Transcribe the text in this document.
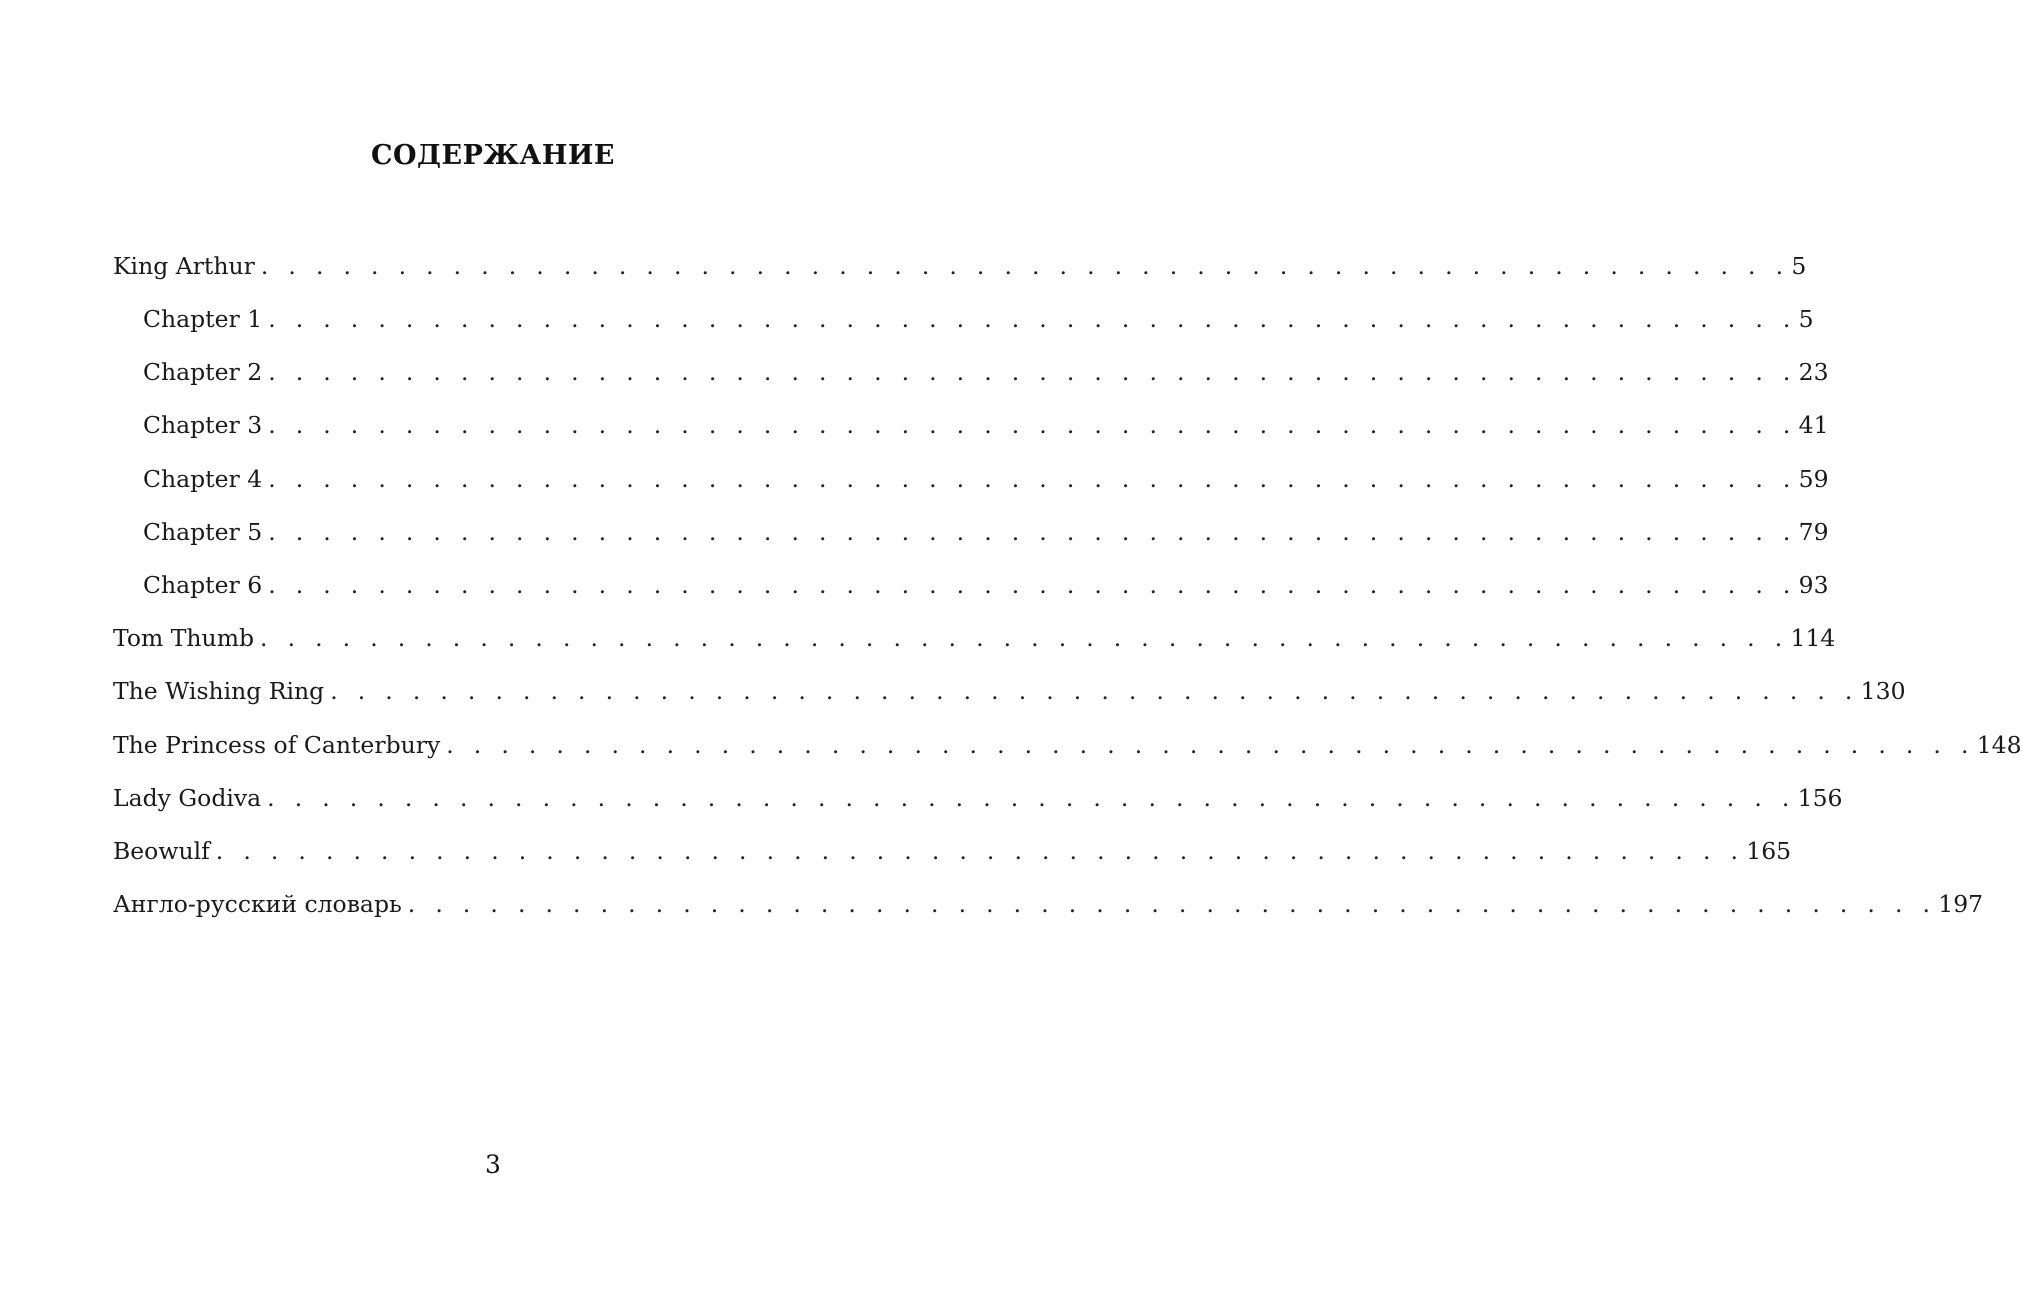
СОДЕРЖАНИЕ
King Arthur . . . . . . . . . . . . . . . . . . . . . . . . . . . . . . . . . . . . . . . . . . . . . . . . . . . . . . . . 5
Chapter 1 . . . . . . . . . . . . . . . . . . . . . . . . . . . . . . . . . . . . . . . . . . . . . . . . . . . . . . . . 5
Chapter 2 . . . . . . . . . . . . . . . . . . . . . . . . . . . . . . . . . . . . . . . . . . . . . . . . . . . . . . . . 23
Chapter 3 . . . . . . . . . . . . . . . . . . . . . . . . . . . . . . . . . . . . . . . . . . . . . . . . . . . . . . . . 41
Chapter 4 . . . . . . . . . . . . . . . . . . . . . . . . . . . . . . . . . . . . . . . . . . . . . . . . . . . . . . . . 59
Chapter 5 . . . . . . . . . . . . . . . . . . . . . . . . . . . . . . . . . . . . . . . . . . . . . . . . . . . . . . . . 79
Chapter 6 . . . . . . . . . . . . . . . . . . . . . . . . . . . . . . . . . . . . . . . . . . . . . . . . . . . . . . . . 93
Tom Thumb . . . . . . . . . . . . . . . . . . . . . . . . . . . . . . . . . . . . . . . . . . . . . . . . . . . . . . . . 114
The Wishing Ring . . . . . . . . . . . . . . . . . . . . . . . . . . . . . . . . . . . . . . . . . . . . . . . . . . . . . . . . 130
The Princess of Canterbury . . . . . . . . . . . . . . . . . . . . . . . . . . . . . . . . . . . . . . . . . . . . . . . . . . . . . . . . 148
Lady Godiva . . . . . . . . . . . . . . . . . . . . . . . . . . . . . . . . . . . . . . . . . . . . . . . . . . . . . . . . 156
Beowulf . . . . . . . . . . . . . . . . . . . . . . . . . . . . . . . . . . . . . . . . . . . . . . . . . . . . . . . . 165
Англо-русский словарь . . . . . . . . . . . . . . . . . . . . . . . . . . . . . . . . . . . . . . . . . . . . . . . . . . . . . . . . 197
3
